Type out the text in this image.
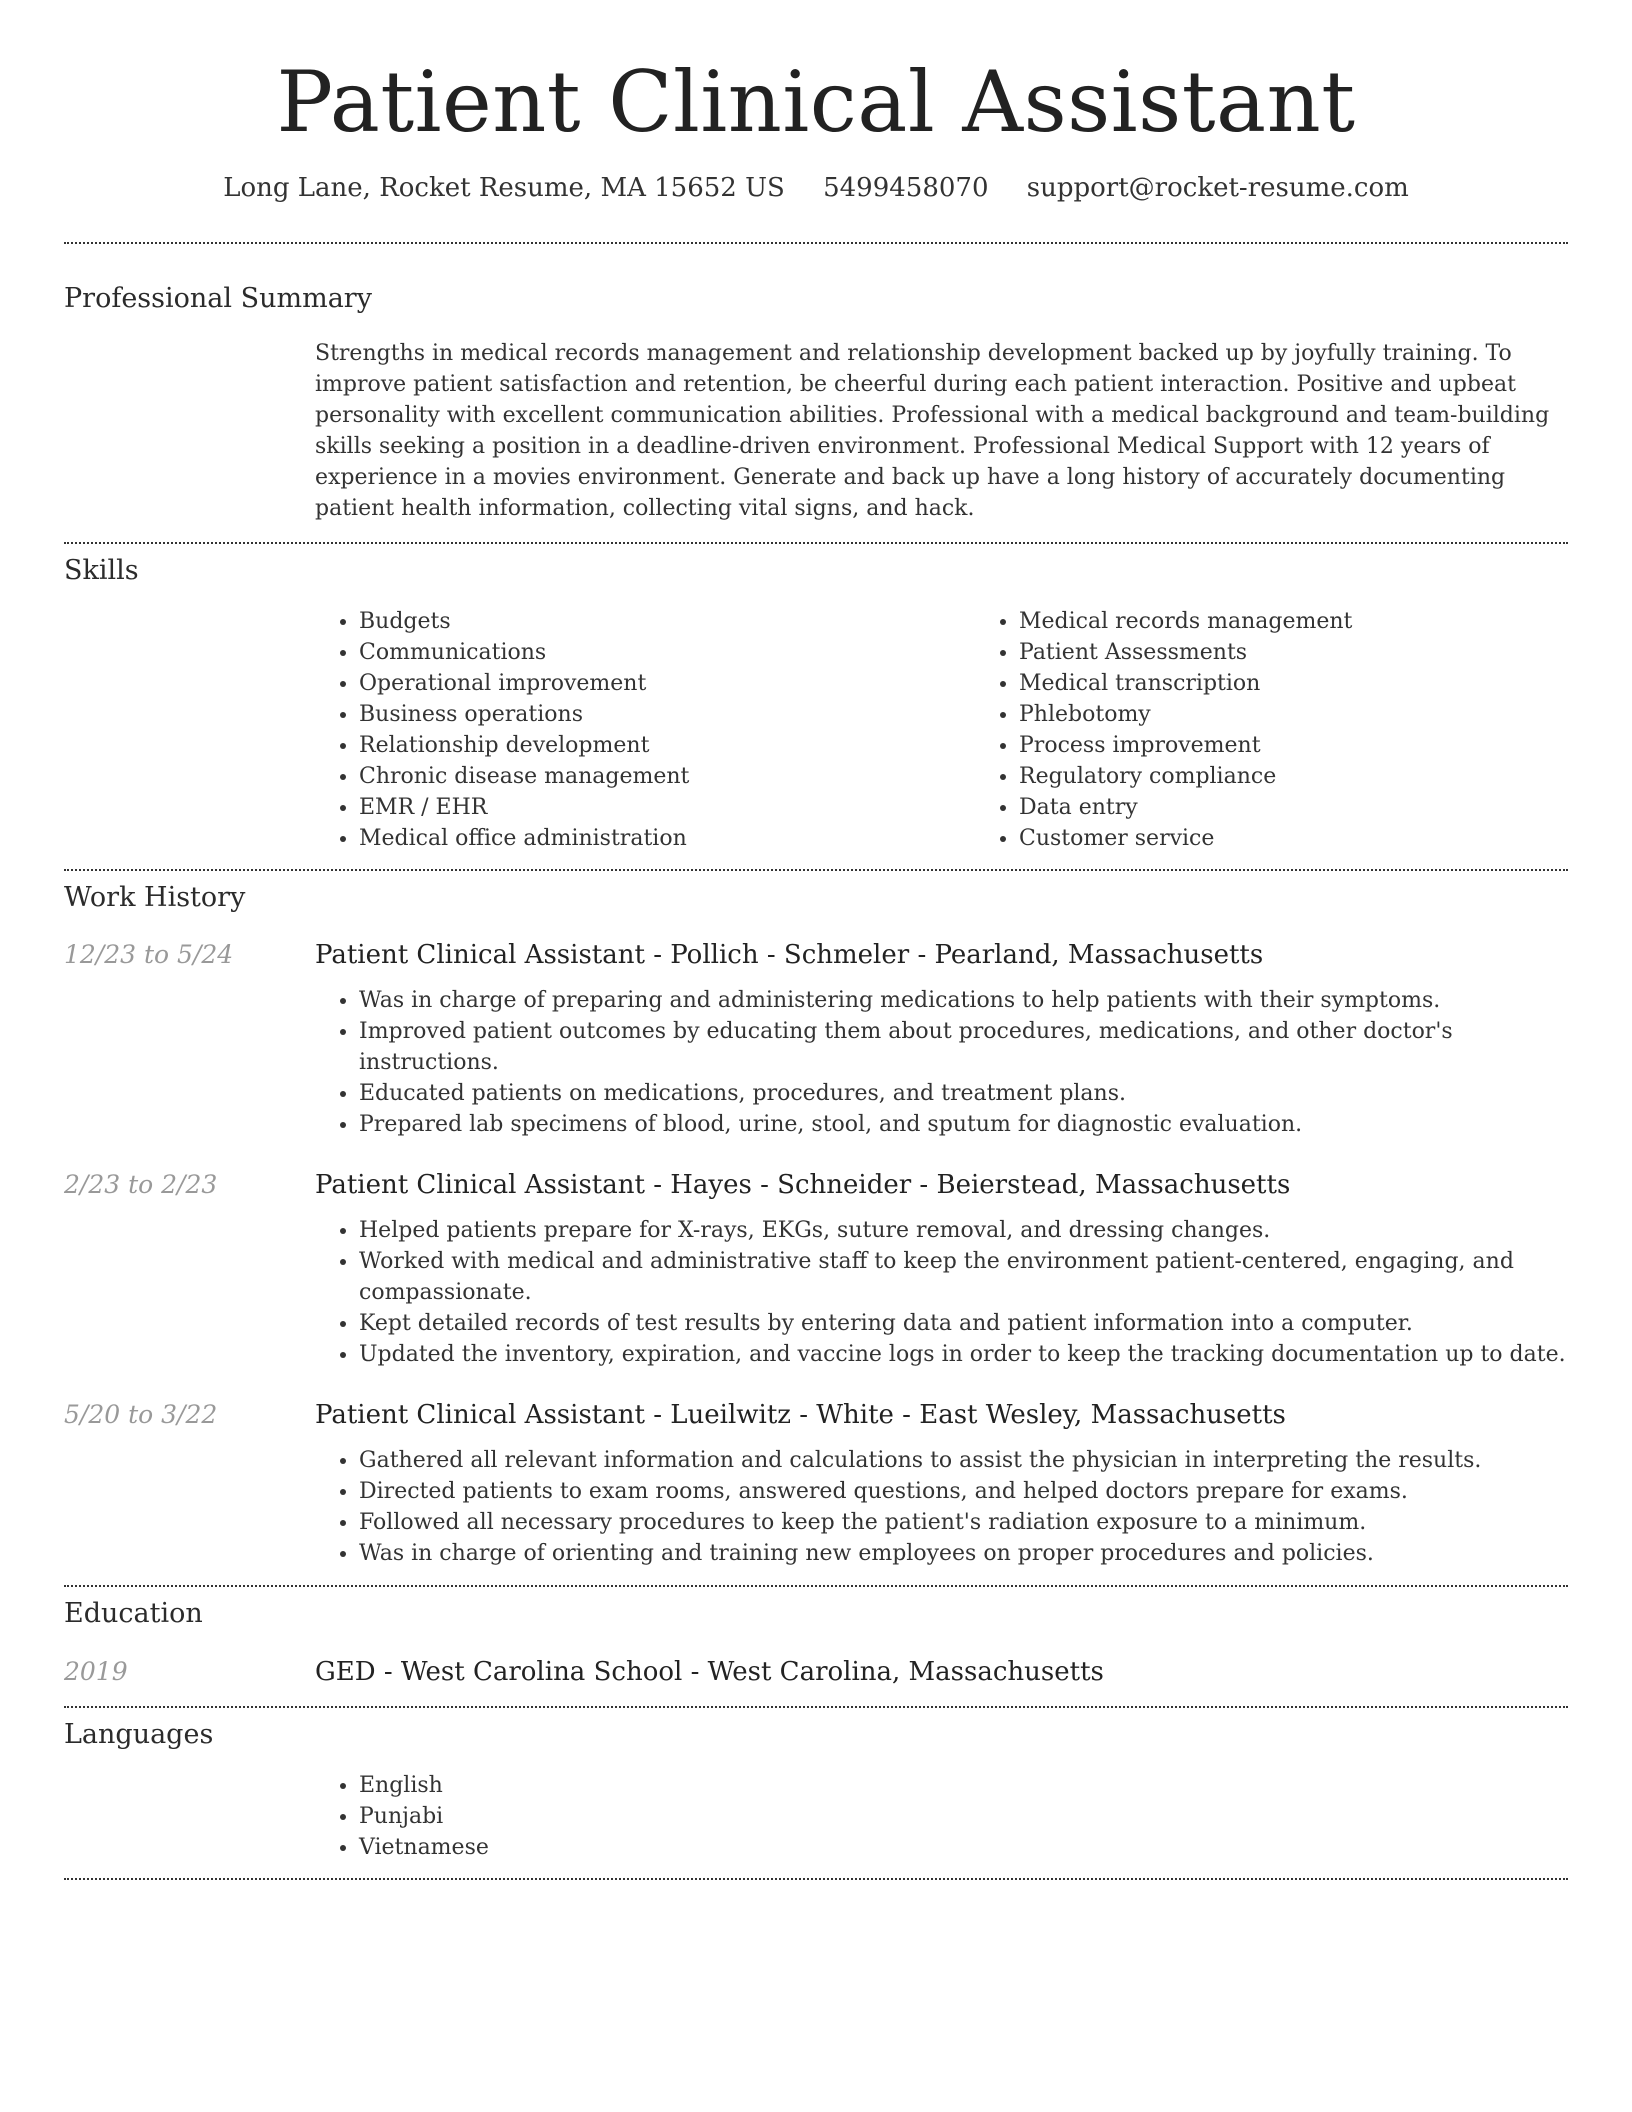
Patient Clinical Assistant
Long Lane, Rocket Resume, MA 15652 US 5499458070 support@rocket-resume.com
Professional Summary
Strengths in medical records management and relationship development backed up by joyfully training. To improve patient satisfaction and retention, be cheerful during each patient interaction. Positive and upbeat personality with excellent communication abilities. Professional with a medical background and team-building skills seeking a position in a deadline-driven environment. Professional Medical Support with 12 years of experience in a movies environment. Generate and back up have a long history of accurately documenting patient health information, collecting vital signs, and hack.
Skills
• Budgets
• Communications
• Operational improvement
• Business operations
• Relationship development
• Chronic disease management
• EMR / EHR
• Medical office administration
• Medical records management
• Patient Assessments
• Medical transcription
• Phlebotomy
• Process improvement
• Regulatory compliance
• Data entry
• Customer service
Work History
12/23 to 5/24	Patient Clinical Assistant - Pollich - Schmeler - Pearland, Massachusetts
• Was in charge of preparing and administering medications to help patients with their symptoms.
• Improved patient outcomes by educating them about procedures, medications, and other doctor's instructions.
• Educated patients on medications, procedures, and treatment plans.
• Prepared lab specimens of blood, urine, stool, and sputum for diagnostic evaluation.
2/23 to 2/23	Patient Clinical Assistant - Hayes - Schneider - Beierstead, Massachusetts
• Helped patients prepare for X-rays, EKGs, suture removal, and dressing changes.
• Worked with medical and administrative staff to keep the environment patient-centered, engaging, and compassionate.
• Kept detailed records of test results by entering data and patient information into a computer.
• Updated the inventory, expiration, and vaccine logs in order to keep the tracking documentation up to date.
5/20 to 3/22	Patient Clinical Assistant - Lueilwitz - White - East Wesley, Massachusetts
• Gathered all relevant information and calculations to assist the physician in interpreting the results.
• Directed patients to exam rooms, answered questions, and helped doctors prepare for exams.
• Followed all necessary procedures to keep the patient's radiation exposure to a minimum.
• Was in charge of orienting and training new employees on proper procedures and policies.
Education
2019	GED - West Carolina School - West Carolina, Massachusetts
Languages
• English
• Punjabi
• Vietnamese
